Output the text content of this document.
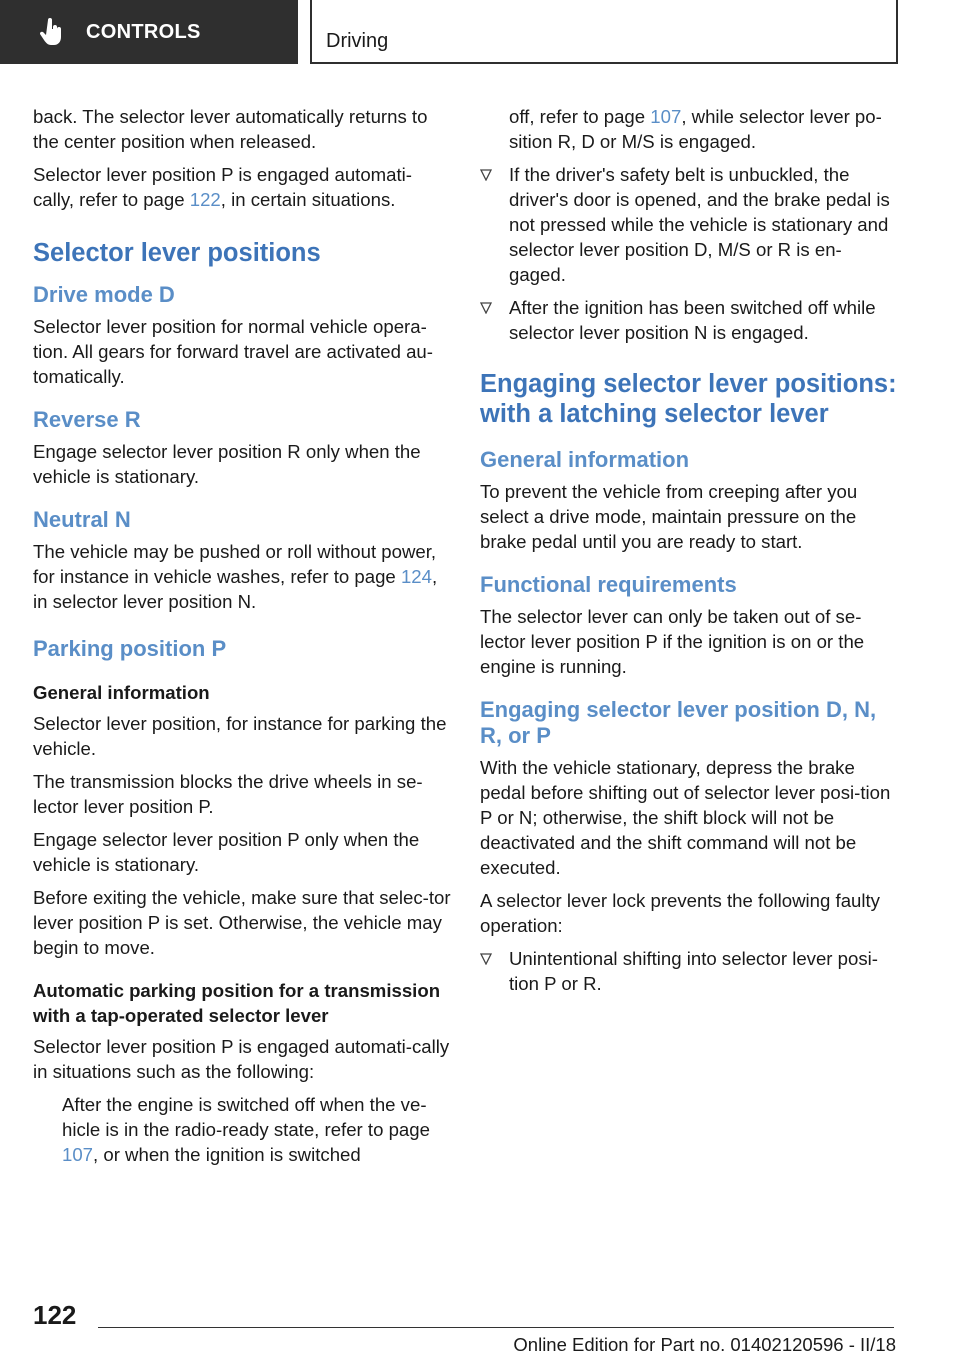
CONTROLS	Driving

back. The selector lever automatically returns to the center position when released.

Selector lever position P is engaged automati‐cally, refer to page 122, in certain situations.

Selector lever positions
Drive mode D

Selector lever position for normal vehicle opera‐tion. All gears for forward travel are activated au‐tomatically.

Reverse R

Engage selector lever position R only when the vehicle is stationary.

Neutral N

The vehicle may be pushed or roll without power, for instance in vehicle washes, refer to page 124, in selector lever position N.

Parking position P
General information

Selector lever position, for instance for parking the vehicle.

The transmission blocks the drive wheels in se‐lector lever position P.

Engage selector lever position P only when the vehicle is stationary.

Before exiting the vehicle, make sure that selec‐tor lever position P is set. Otherwise, the vehicle may begin to move.

Automatic parking position for a transmission with a tap-operated selector lever

Selector lever position P is engaged automati‐cally in situations such as the following:

After the engine is switched off when the ve‐hicle is in the radio-ready state, refer to page 107, or when the ignition is switched
off, refer to page 107, while selector lever po‐sition R, D or M/S is engaged.
If the driver's safety belt is unbuckled, the driver's door is opened, and the brake pedal is not pressed while the vehicle is stationary and selector lever position D, M/S or R is en‐gaged.
After the ignition has been switched off while selector lever position N is engaged.
Engaging selector lever positions: with a latching selector lever
General information

To prevent the vehicle from creeping after you select a drive mode, maintain pressure on the brake pedal until you are ready to start.

Functional requirements

The selector lever can only be taken out of se‐lector lever position P if the ignition is on or the engine is running.

Engaging selector lever position D, N, R, or P

With the vehicle stationary, depress the brake pedal before shifting out of selector lever posi‐tion P or N; otherwise, the shift block will not be deactivated and the shift command will not be executed.

A selector lever lock prevents the following faulty operation:

Unintentional shifting into selector lever posi‐tion P or R.
122
Online Edition for Part no. 01402120596 - II/18
